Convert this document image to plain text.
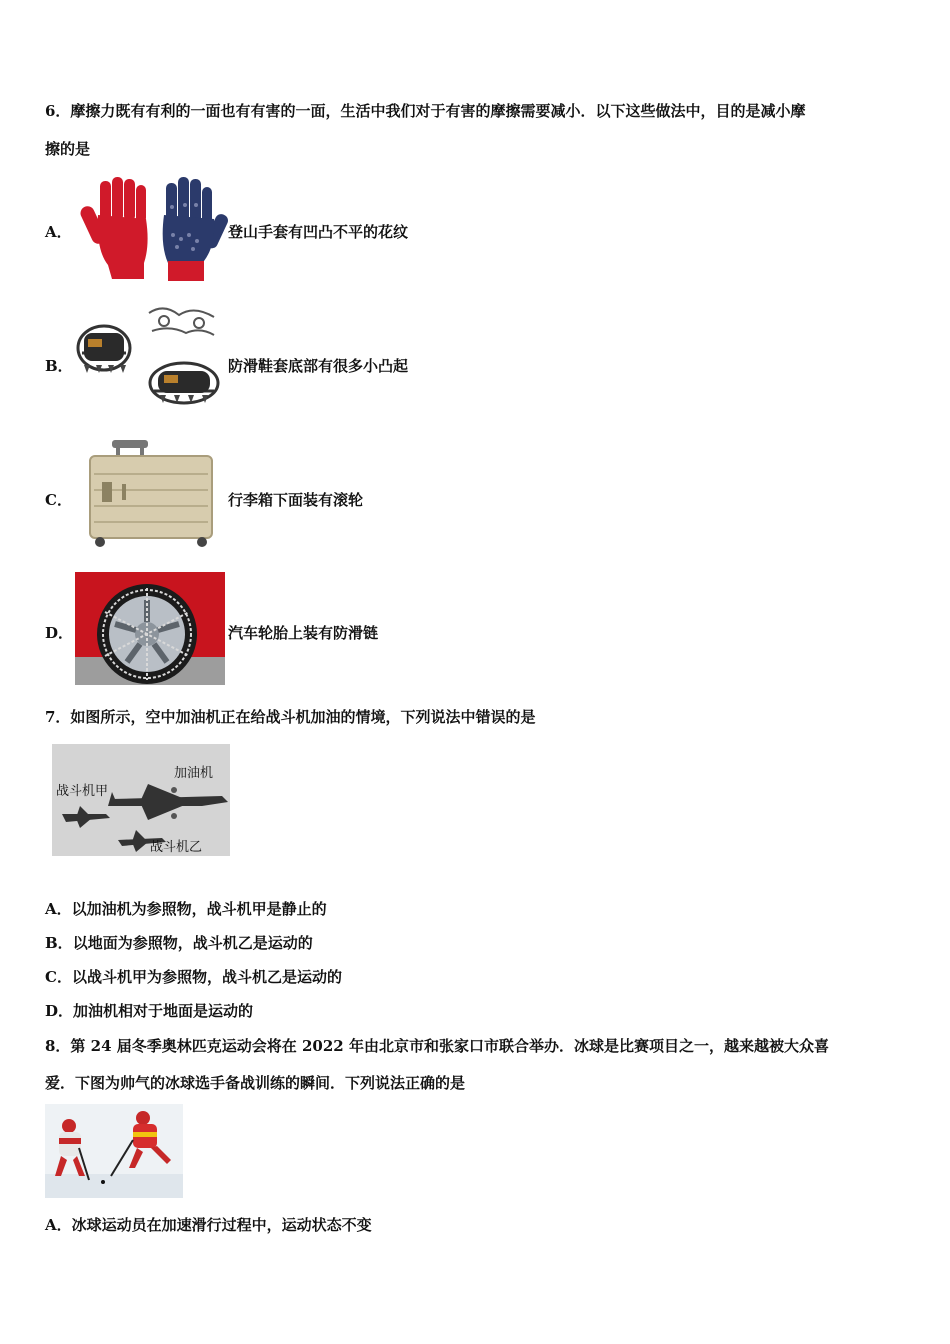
6．摩擦力既有有利的一面也有有害的一面，生活中我们对于有害的摩擦需要减小．以下这些做法中，目的是减小摩
擦的是
A．	登山手套有凹凸不平的花纹
B．	防滑鞋套底部有很多小凸起
C．	行李箱下面装有滚轮
D．	汽车轮胎上装有防滑链
7．如图所示，空中加油机正在给战斗机加油的情境，下列说法中错误的是
加油机
战斗机甲
战斗机乙
A．以加油机为参照物，战斗机甲是静止的
B．以地面为参照物，战斗机乙是运动的
C．以战斗机甲为参照物，战斗机乙是运动的
D．加油机相对于地面是运动的
8．第 24 届冬季奥林匹克运动会将在 2022 年由北京市和张家口市联合举办．冰球是比赛项目之一，越来越被大众喜
爱．下图为帅气的冰球选手备战训练的瞬间．下列说法正确的是
A．冰球运动员在加速滑行过程中，运动状态不变
